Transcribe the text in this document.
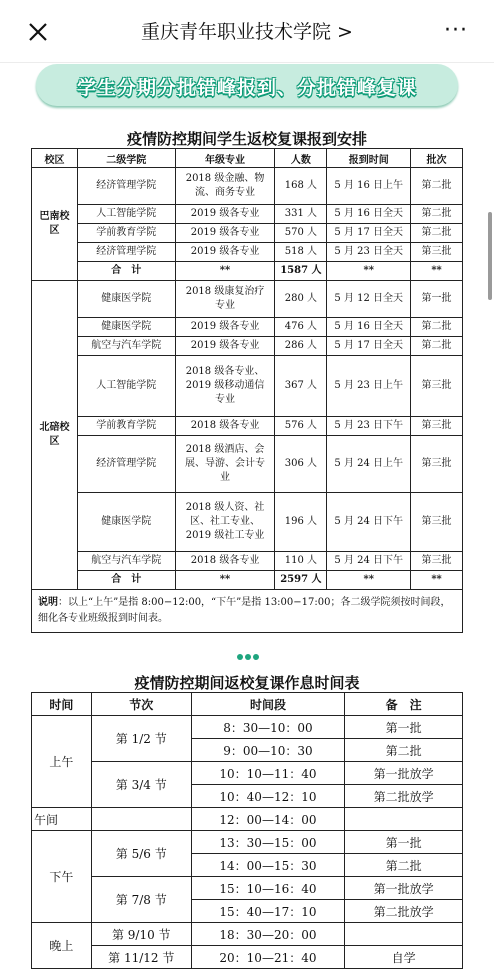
重庆青年职业技术学院 >	···
学生分期分批错峰报到、分批错峰复课
疫情防控期间学生返校复课报到安排
校区	二级学院	年级专业	人数	报到时间	批次
巴南校区	经济管理学院	2018 级金融、物流、商务专业	168 人	5 月 16 日上午	第二批
	人工智能学院	2019 级各专业	331 人	5 月 16 日全天	第二批
	学前教育学院	2019 级各专业	570 人	5 月 17 日全天	第二批
	经济管理学院	2019 级各专业	518 人	5 月 23 日全天	第三批
	合　计	**	1587 人	**	**
北碚校区	健康医学院	2018 级康复治疗专业	280 人	5 月 12 日全天	第一批
	健康医学院	2019 级各专业	476 人	5 月 16 日全天	第二批
	航空与汽车学院	2019 级各专业	286 人	5 月 17 日全天	第二批
	人工智能学院	2018 级各专业、2019 级移动通信专业	367 人	5 月 23 日上午	第三批
	学前教育学院	2018 级各专业	576 人	5 月 23 日下午	第三批
	经济管理学院	2018 级酒店、会展、导游、会计专业	306 人	5 月 24 日上午	第三批
	健康医学院	2018 级人资、社区、社工专业、2019 级社工专业	196 人	5 月 24 日下午	第三批
	航空与汽车学院	2018 级各专业	110 人	5 月 24 日下午	第三批
	合　计	**	2597 人	**	**
说明：以上“上午”是指 8:00−12:00，“下午”是指 13:00−17:00；各二级学院须按时间段，细化各专业班级报到时间表。					
疫情防控期间返校复课作息时间表
时间	节次	时间段	备　注
上午	第 1/2 节	8：30—10：00	第一批
		9：00—10：30	第二批
	第 3/4 节	10：10—11：40	第一批放学
		10：40—12：10	第二批放学
午间		12：00—14：00	
下午	第 5/6 节	13：30—15：00	第一批
		14：00—15：30	第二批
	第 7/8 节	15：10—16：40	第一批放学
		15：40—17：10	第二批放学
晚上	第 9/10 节	18：30—20：00	
	第 11/12 节	20：10—21：40	自学
